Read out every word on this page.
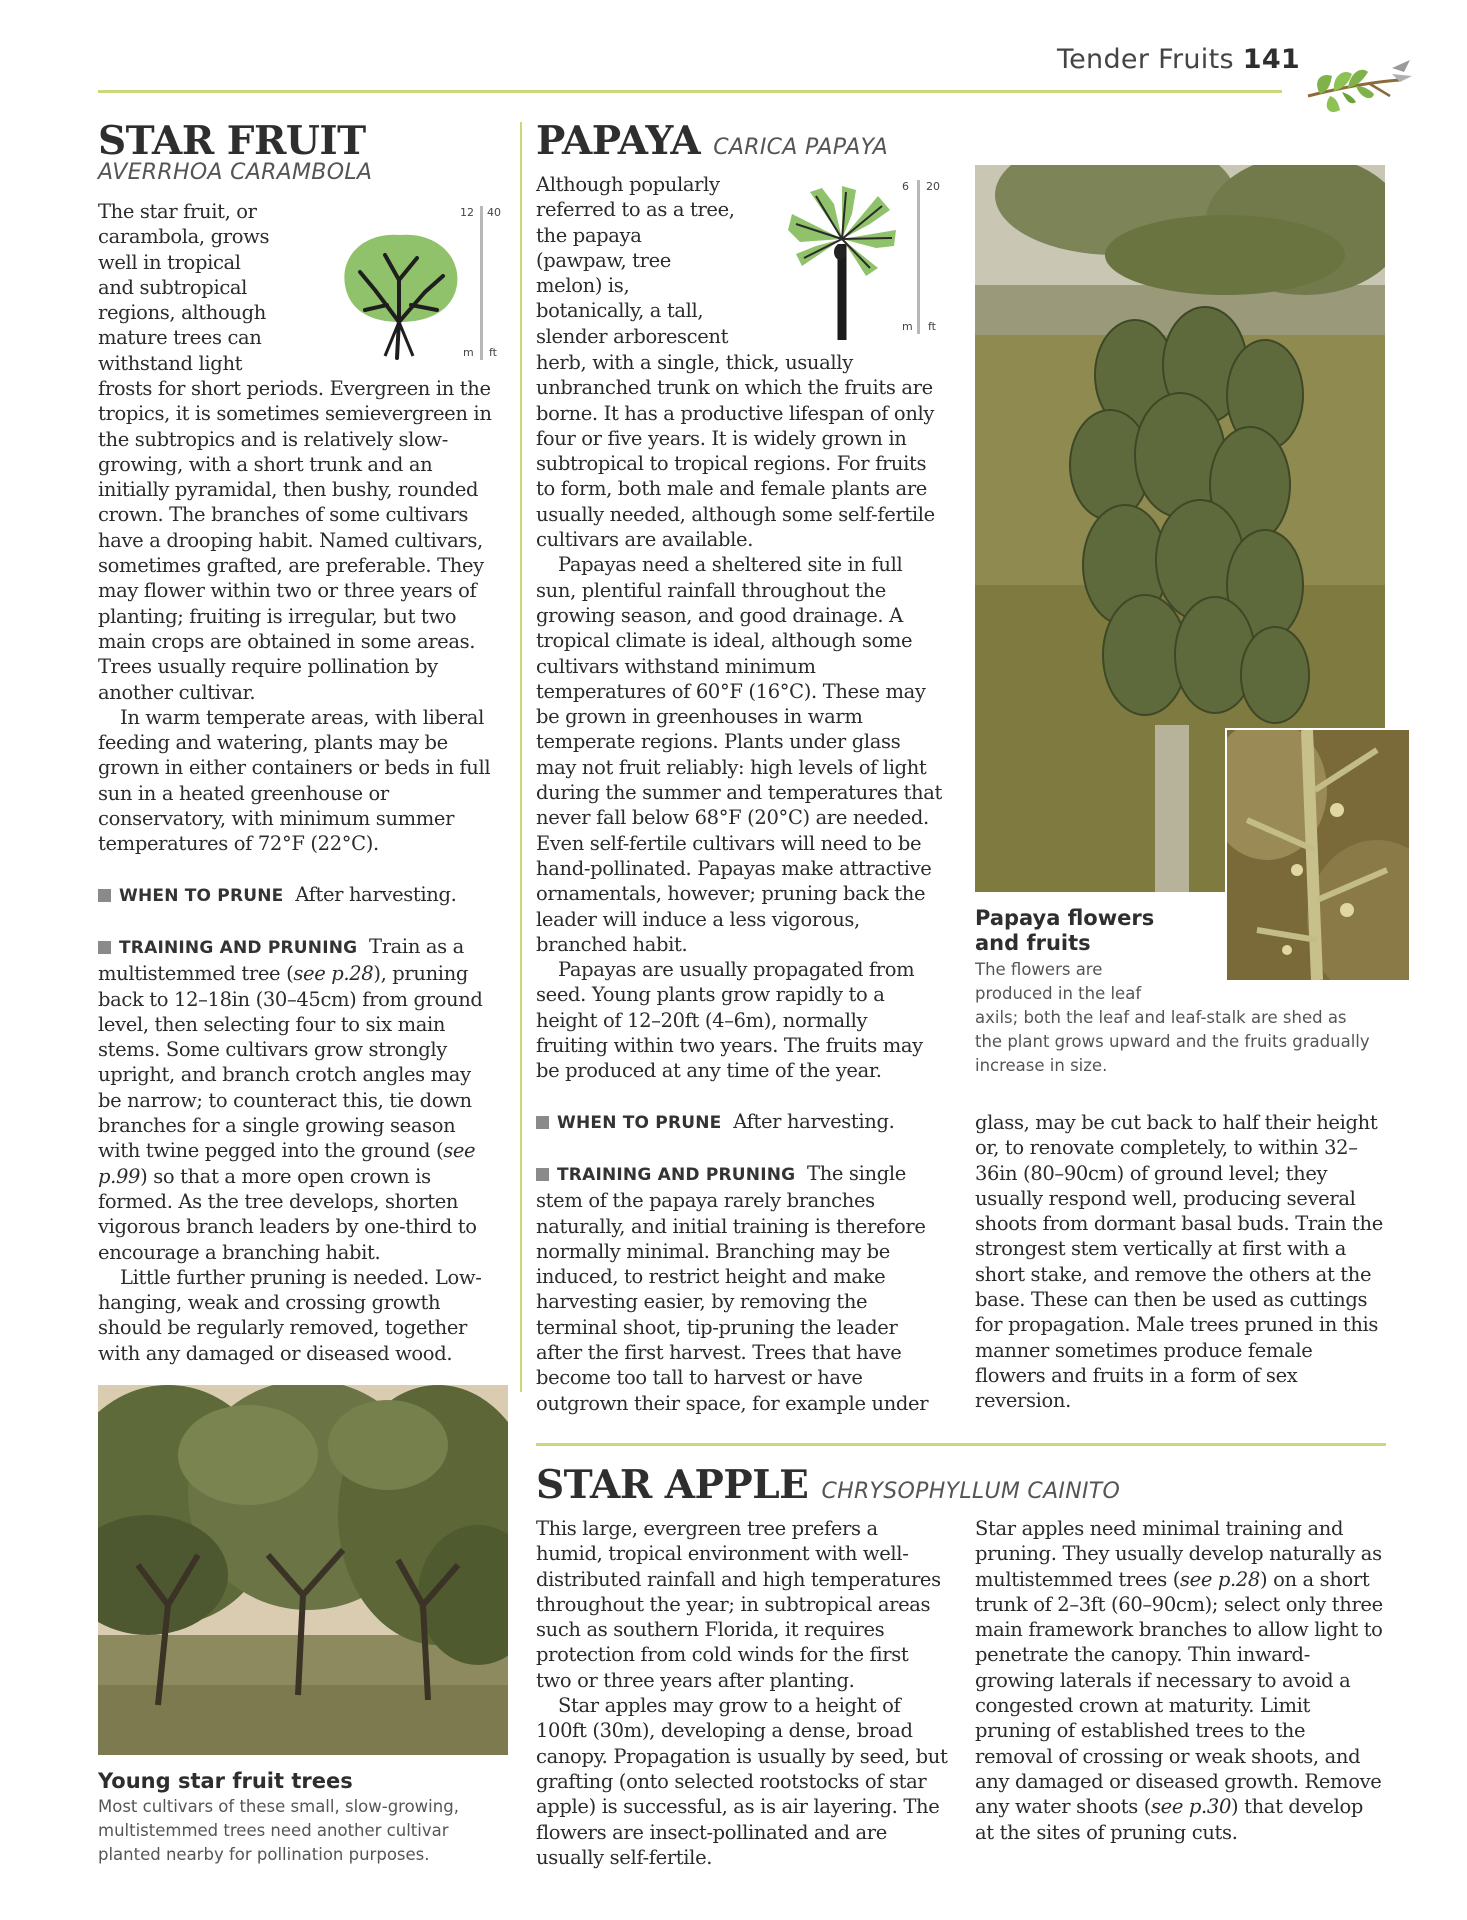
Tender Fruits 141
STAR FRUIT
AVERRHOA CARAMBOLA
12 40
m ft

The star fruit, or

carambola, grows

well in tropical

and subtropical

regions, although

mature trees can

withstand light

frosts for short periods. Evergreen in the tropics, it is sometimes semievergreen in the subtropics and is relatively slow-growing, with a short trunk and an initially pyramidal, then bushy, rounded crown. The branches of some cultivars have a drooping habit. Named cultivars, sometimes grafted, are preferable. They may flower within two or three years of planting; fruiting is irregular, but two main crops are obtained in some areas. Trees usually require pollination by another cultivar.

In warm temperate areas, with liberal feeding and watering, plants may be grown in either containers or beds in full sun in a heated greenhouse or conservatory, with minimum summer temperatures of 72°F (22°C).

WHEN TO PRUNE After harvesting.

TRAINING AND PRUNING Train as a multistemmed tree (see p.28), pruning back to 12–18in (30–45cm) from ground level, then selecting four to six main stems. Some cultivars grow strongly upright, and branch crotch angles may be narrow; to counteract this, tie down branches for a single growing season with twine pegged into the ground (see p.99) so that a more open crown is formed. As the tree develops, shorten vigorous branch leaders by one-third to encourage a branching habit.

Little further pruning is needed. Low-hanging, weak and crossing growth should be regularly removed, together with any damaged or diseased wood.

Young star fruit trees
Most cultivars of these small, slow-growing, multistemmed trees need another cultivar planted nearby for pollination purposes.
PAPAYA CARICA PAPAYA
6 20
m ft

Although popularly

referred to as a tree,

the papaya

(pawpaw, tree

melon) is,

botanically, a tall,

slender arborescent

herb, with a single, thick, usually unbranched trunk on which the fruits are borne. It has a productive lifespan of only four or five years. It is widely grown in subtropical to tropical regions. For fruits to form, both male and female plants are usually needed, although some self-fertile cultivars are available.

Papayas need a sheltered site in full sun, plentiful rainfall throughout the growing season, and good drainage. A tropical climate is ideal, although some cultivars withstand minimum temperatures of 60°F (16°C). These may be grown in greenhouses in warm temperate regions. Plants under glass may not fruit reliably: high levels of light during the summer and temperatures that never fall below 68°F (20°C) are needed. Even self-fertile cultivars will need to be hand-pollinated. Papayas make attractive ornamentals, however; pruning back the leader will induce a less vigorous, branched habit.

Papayas are usually propagated from seed. Young plants grow rapidly to a height of 12–20ft (4–6m), normally fruiting within two years. The fruits may be produced at any time of the year.

WHEN TO PRUNE After harvesting.

TRAINING AND PRUNING The single stem of the papaya rarely branches naturally, and initial training is therefore normally minimal. Branching may be induced, to restrict height and make harvesting easier, by removing the terminal shoot, tip-pruning the leader after the first harvest. Trees that have become too tall to harvest or have outgrown their space, for example under

Papaya flowers
and fruits
The flowers are
produced in the leaf
axils; both the leaf and leaf-stalk are shed as the plant grows upward and the fruits gradually increase in size.
glass, may be cut back to half their height or, to renovate completely, to within 32–36in (80–90cm) of ground level; they usually respond well, producing several shoots from dormant basal buds. Train the strongest stem vertically at first with a short stake, and remove the others at the base. These can then be used as cuttings for propagation. Male trees pruned in this manner sometimes produce female flowers and fruits in a form of sex reversion.
STAR APPLE CHRYSOPHYLLUM CAINITO

This large, evergreen tree prefers a humid, tropical environment with well-distributed rainfall and high temperatures throughout the year; in subtropical areas such as southern Florida, it requires protection from cold winds for the first two or three years after planting.

Star apples may grow to a height of 100ft (30m), developing a dense, broad canopy. Propagation is usually by seed, but grafting (onto selected rootstocks of star apple) is successful, as is air layering. The flowers are insect-pollinated and are usually self-fertile.

Star apples need minimal training and pruning. They usually develop naturally as multistemmed trees (see p.28) on a short trunk of 2–3ft (60–90cm); select only three main framework branches to allow light to penetrate the canopy. Thin inward-growing laterals if necessary to avoid a congested crown at maturity. Limit pruning of established trees to the removal of crossing or weak shoots, and any damaged or diseased growth. Remove any water shoots (see p.30) that develop at the sites of pruning cuts.
